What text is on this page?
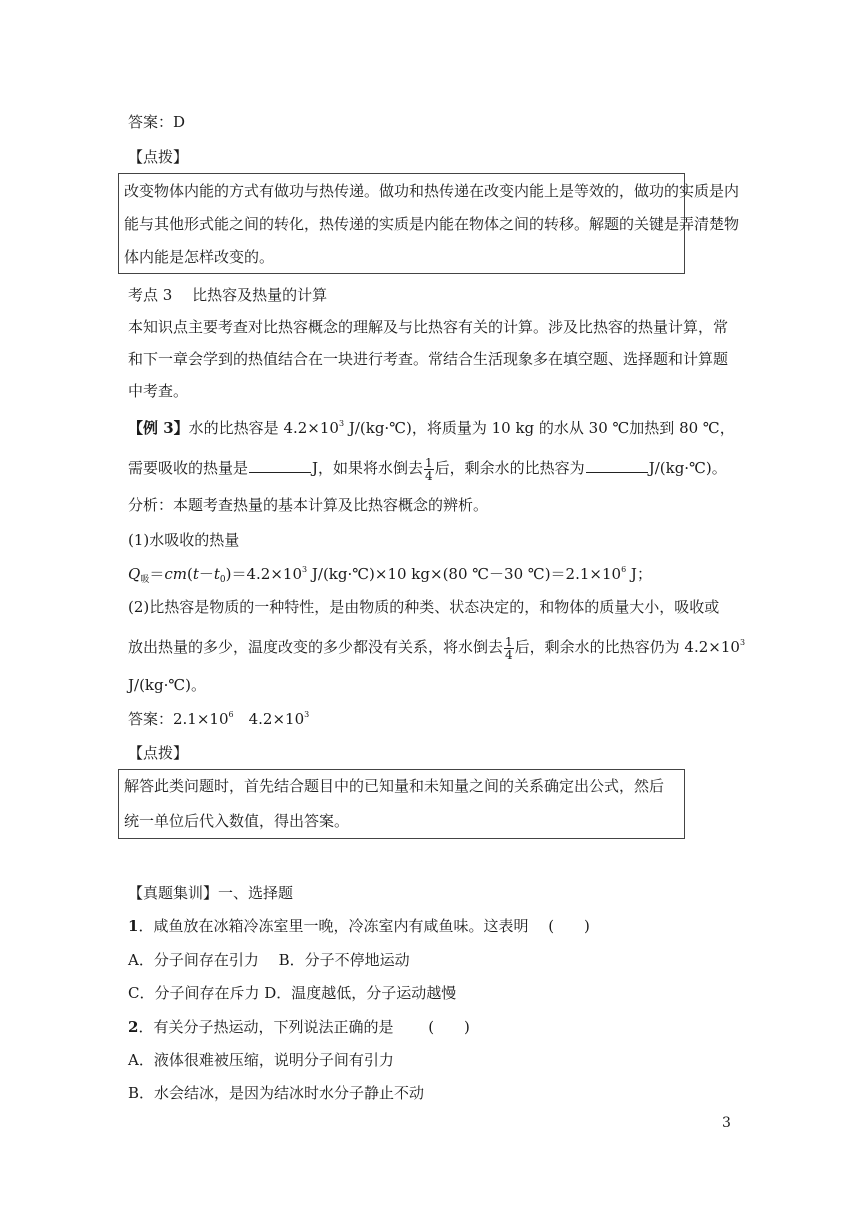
答案：D
【点拨】
改变物体内能的方式有做功与热传递。做功和热传递在改变内能上是等效的，做功的实质是内
能与其他形式能之间的转化，热传递的实质是内能在物体之间的转移。解题的关键是弄清楚物
体内能是怎样改变的。
考点 3　 比热容及热量的计算
本知识点主要考查对比热容概念的理解及与比热容有关的计算。涉及比热容的热量计算，常
和下一章会学到的热值结合在一块进行考查。常结合生活现象多在填空题、选择题和计算题
中考查。
【例 3】水的比热容是 $4.2\times 10^3$ J/(kg·℃)，将质量为 10 kg 的水从 30 ℃加热到 80 ℃，
需要吸收的热量是	J，如果将水倒去 $\frac{1}{4}$ 后，剩余水的比热容为	J/(kg·℃)。
分析：本题考查热量的基本计算及比热容概念的辨析。
(1)水吸收的热量
$Q_吸=cm(t-t_0)=4.2\times 10^3$ J/(kg·℃)×10 kg×(80 ℃－30 $℃)=2.1\times 10^6$ J；
(2)比热容是物质的一种特性，是由物质的种类、状态决定的，和物体的质量大小，吸收或
放出热量的多少，温度改变的多少都没有关系，将水倒去 $\frac{1}{4}$ 后，剩余水的比热容仍为 $4.2\times 10^3$
J/(kg·℃)。
答案：$2.1\times 10^6$　$4.2\times 10^3$
【点拨】
解答此类问题时，首先结合题目中的已知量和未知量之间的关系确定出公式，然后
统一单位后代入数值，得出答案。
【真题集训】一、选择题
1．咸鱼放在冰箱冷冻室里一晚，冷冻室内有咸鱼味。这表明　 (　　)
A．分子间存在引力　 B．分子不停地运动
C．分子间存在斥力 D．温度越低，分子运动越慢
2．有关分子热运动，下列说法正确的是　　 (　　)
A．液体很难被压缩，说明分子间有引力
B．水会结冰，是因为结冰时水分子静止不动
3
